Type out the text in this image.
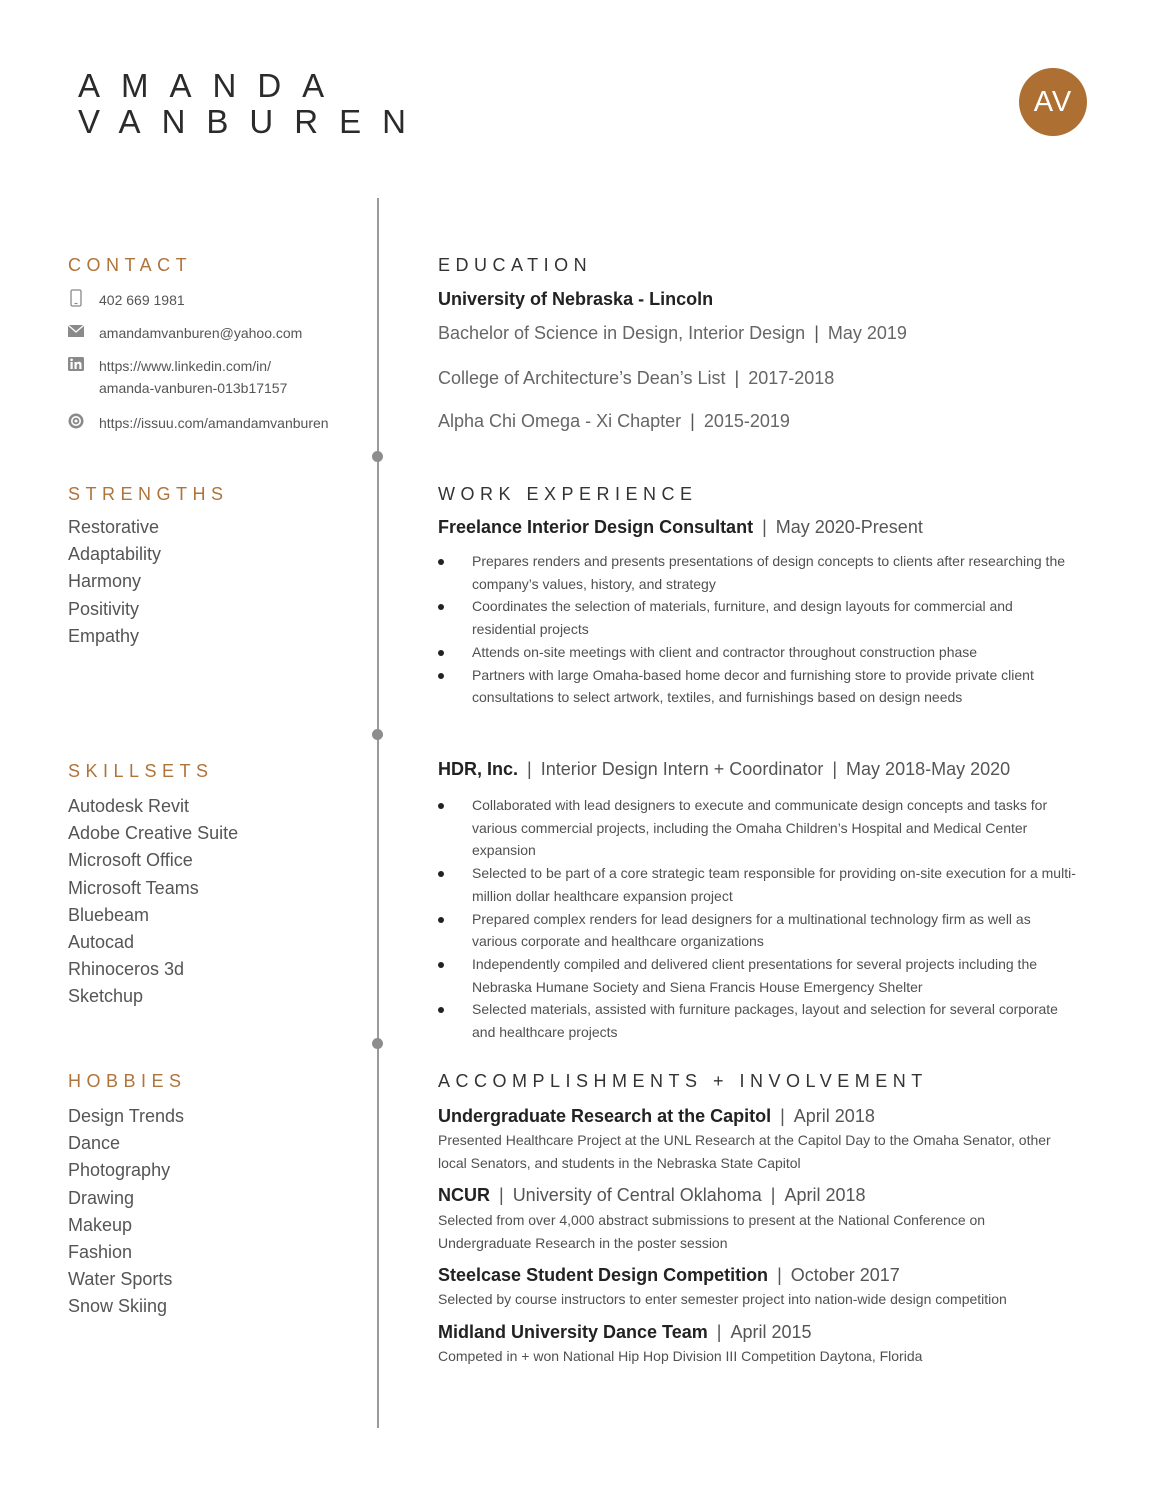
AMANDA
VANBUREN
AV
CONTACT
402 669 1981
amandamvanburen@yahoo.com
https://www.linkedin.com/in/
amanda-vanburen-013b17157
https://issuu.com/amandamvanburen
STRENGTHS
Restorative
Adaptability
Harmony
Positivity
Empathy
SKILLSETS
Autodesk Revit
Adobe Creative Suite
Microsoft Office
Microsoft Teams
Bluebeam
Autocad
Rhinoceros 3d
Sketchup
HOBBIES
Design Trends
Dance
Photography
Drawing
Makeup
Fashion
Water Sports
Snow Skiing
EDUCATION
University of Nebraska - Lincoln
Bachelor of Science in Design, Interior Design | May 2019
College of Architecture’s Dean’s List | 2017-2018
Alpha Chi Omega - Xi Chapter | 2015-2019
WORK EXPERIENCE
Freelance Interior Design Consultant | May 2020-Present
Prepares renders and presents presentations of design concepts to clients after researching the company’s values, history, and strategy
Coordinates the selection of materials, furniture, and design layouts for commercial and residential projects
Attends on-site meetings with client and contractor throughout construction phase
Partners with large Omaha-based home decor and furnishing store to provide private client consultations to select artwork, textiles, and furnishings based on design needs
HDR, Inc. | Interior Design Intern + Coordinator | May 2018-May 2020
Collaborated with lead designers to execute and communicate design concepts and tasks for various commercial projects, including the Omaha Children’s Hospital and Medical Center expansion
Selected to be part of a core strategic team responsible for providing on-site execution for a multi-million dollar healthcare expansion project
Prepared complex renders for lead designers for a multinational technology firm as well as various corporate and healthcare organizations
Independently compiled and delivered client presentations for several projects including the Nebraska Humane Society and Siena Francis House Emergency Shelter
Selected materials, assisted with furniture packages, layout and selection for several corporate and healthcare projects
ACCOMPLISHMENTS + INVOLVEMENT
Undergraduate Research at the Capitol | April 2018
Presented Healthcare Project at the UNL Research at the Capitol Day to the Omaha Senator, other local Senators, and students in the Nebraska State Capitol
NCUR | University of Central Oklahoma | April 2018
Selected from over 4,000 abstract submissions to present at the National Conference on Undergraduate Research in the poster session
Steelcase Student Design Competition | October 2017
Selected by course instructors to enter semester project into nation-wide design competition
Midland University Dance Team | April 2015
Competed in + won National Hip Hop Division III Competition Daytona, Florida
